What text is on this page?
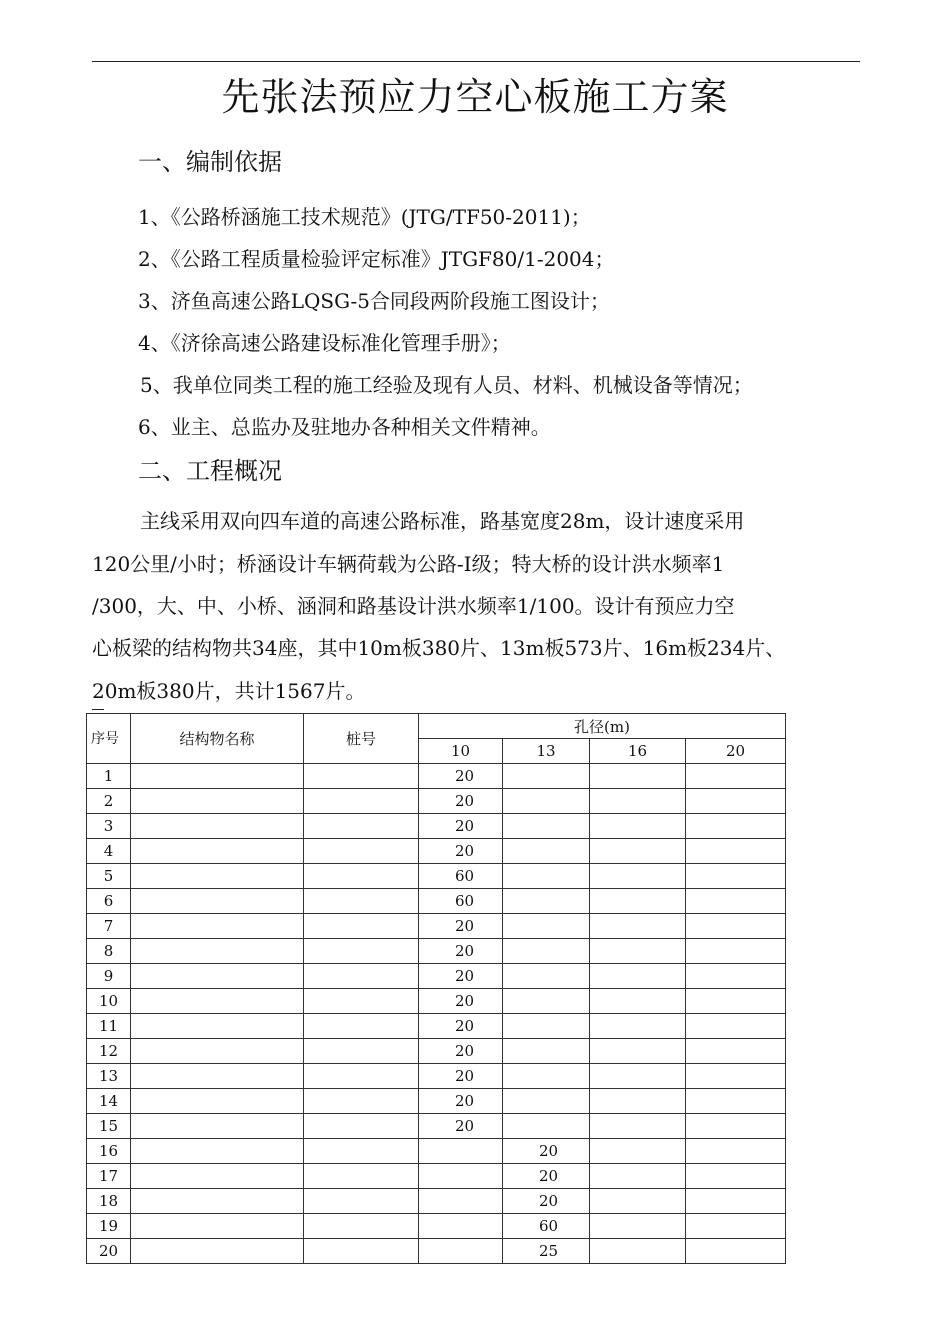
先张法预应力空心板施工方案
一、编制依据
1、《公路桥涵施工技术规范》(JTG/TF50-2011)；
2、《公路工程质量检验评定标准》JTGF80/1-2004；
3、济鱼高速公路LQSG-5合同段两阶段施工图设计；
4、《济徐高速公路建设标准化管理手册》；
5、我单位同类工程的施工经验及现有人员、材料、机械设备等情况；
6、业主、总监办及驻地办各种相关文件精神。
二、工程概况
主线采用双向四车道的高速公路标准，路基宽度28m，设计速度采用
120公里/小时；桥涵设计车辆荷载为公路-I级；特大桥的设计洪水频率1
/300，大、中、小桥、涵洞和路基设计洪水频率1/100。设计有预应力空
心板梁的结构物共34座，其中10m板380片、13m板573片、16m板234片、
20m板380片，共计1567片。
序号	结构物名称	桩号	孔径(m)			
			10	13	16	20
1			20			
2			20			
3			20			
4			20			
5			60			
6			60			
7			20			
8			20			
9			20			
10			20			
11			20			
12			20			
13			20			
14			20			
15			20			
16				20		
17				20		
18				20		
19				60		
20				25		
